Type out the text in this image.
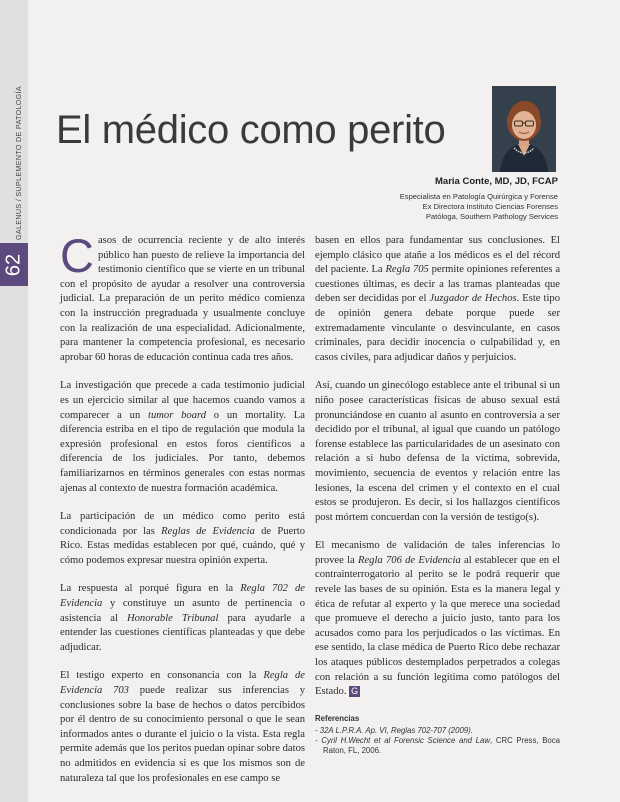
62
GALENUS / SUPLEMENTO DE PATOLOGÍA El médico como perito
Maria Conte, MD, JD, FCAP
Especialista en Patología Quirúrgica y Forense
Ex Directora Instituto Ciencias Forenses
Patóloga, Southern Pathology Services

Casos de ocurrencia reciente y de alto interés público han puesto de relieve la importancia del testimonio científico que se vierte en un tribunal con el propósito de ayudar a resolver una controversia judicial. La preparación de un perito médico comienza con la instrucción pregraduada y usualmente concluye con la realización de una especialidad. Adicionalmente, para mantener la competencia profesional, es necesario aprobar 60 horas de educación continua cada tres años.

La investigación que precede a cada testimonio judicial es un ejercicio similar al que hacemos cuando vamos a comparecer a un tumor board o un mortality. La diferencia estriba en el tipo de regulación que modula la expresión profesional en estos foros científicos a diferencia de los judiciales. Por tanto, debemos familiarizarnos en términos generales con estas normas ajenas al contexto de nuestra formación académica.

La participación de un médico como perito está condicionada por las Reglas de Evidencia de Puerto Rico. Estas medidas establecen por qué, cuándo, qué y cómo podemos expresar nuestra opinión experta.

La respuesta al porqué figura en la Regla 702 de Evidencia y constituye un asunto de pertinencia o asistencia al Honorable Tribunal para ayudarle a entender las cuestiones científicas planteadas y que debe adjudicar.

El testigo experto en consonancia con la Regla de Evidencia 703 puede realizar sus inferencias y conclusiones sobre la base de hechos o datos percibidos por él dentro de su conocimiento personal o que le sean informados antes o durante el juicio o la vista. Esta regla permite además que los peritos puedan opinar sobre datos no admitidos en evidencia si es que los mismos son de naturaleza tal que los profesionales en ese campo se

basen en ellos para fundamentar sus conclusiones. El ejemplo clásico que atañe a los médicos es el del récord del paciente. La Regla 705 permite opiniones referentes a cuestiones últimas, es decir a las tramas planteadas que deben ser decididas por el Juzgador de Hechos. Este tipo de opinión genera debate porque puede ser extremadamente vinculante o desvinculante, en casos criminales, para decidir inocencia o culpabilidad y, en casos civiles, para adjudicar daños y perjuicios.

Así, cuando un ginecólogo establece ante el tribunal si un niño posee características físicas de abuso sexual está pronunciándose en cuanto al asunto en controversia a ser decidido por el tribunal, al igual que cuando un patólogo forense establece las particularidades de un asesinato con relación a si hubo defensa de la víctima, sobrevida, movimiento, secuencia de eventos y relación entre las lesiones, la escena del crimen y el contexto en el cual estos se produjeron. Es decir, si los hallazgos científicos post mórtem concuerdan con la versión de testigo(s).

El mecanismo de validación de tales inferencias lo provee la Regla 706 de Evidencia al establecer que en el contrainterrogatorio al perito se le podrá requerir que revele las bases de su opinión. Esta es la manera legal y ética de refutar al experto y la que merece una sociedad que promueve el derecho a juicio justo, tanto para los acusados como para los perjudicados o las víctimas. En ese sentido, la clase médica de Puerto Rico debe rechazar los ataques públicos destemplados perpetrados a colegas con relación a su función legítima como patólogos del Estado. G

Referencias
- 32A L.P.R.A. Ap. VI, Reglas 702-707 (2009).
- Cyril H.Wecht et al Forensic Science and Law, CRC Press, Boca Raton, FL, 2006.
